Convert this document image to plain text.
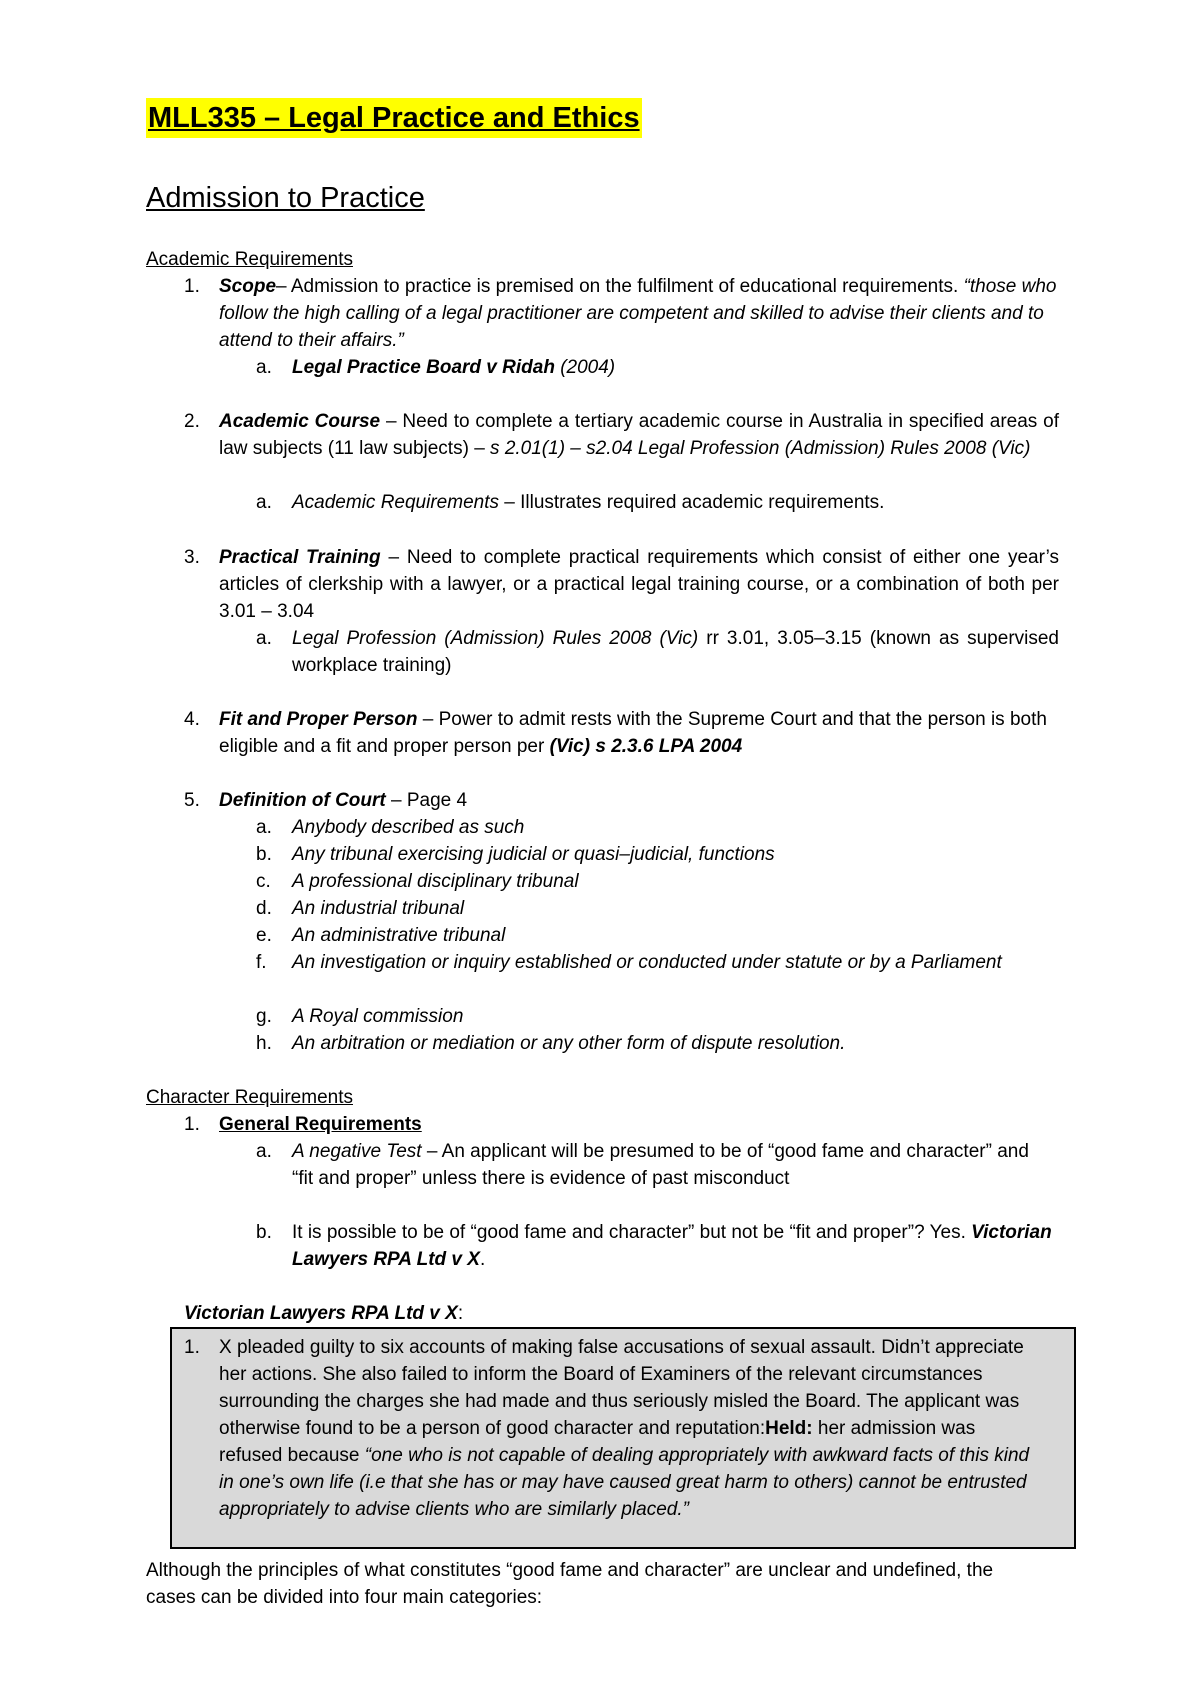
MLL335 – Legal Practice and Ethics
Admission to Practice
Academic Requirements
1. Scope– Admission to practice is premised on the fulfilment of educational requirements. “those who follow the high calling of a legal practitioner are competent and skilled to advise their clients and to attend to their affairs.”
a. Legal Practice Board v Ridah (2004)
2. Academic Course – Need to complete a tertiary academic course in Australia in specified areas of law subjects (11 law subjects) – s 2.01(1) – s2.04 Legal Profession (Admission) Rules 2008 (Vic)
a. Academic Requirements – Illustrates required academic requirements.
3. Practical Training – Need to complete practical requirements which consist of either one year’s articles of clerkship with a lawyer, or a practical legal training course, or a combination of both per 3.01 – 3.04
a. Legal Profession (Admission) Rules 2008 (Vic) rr 3.01, 3.05–3.15 (known as supervised workplace training)
4. Fit and Proper Person – Power to admit rests with the Supreme Court and that the person is both eligible and a fit and proper person per (Vic) s 2.3.6 LPA 2004
5. Definition of Court – Page 4
a. Anybody described as such
b. Any tribunal exercising judicial or quasi–judicial, functions
c. A professional disciplinary tribunal
d. An industrial tribunal
e. An administrative tribunal
f. An investigation or inquiry established or conducted under statute or by a Parliament
g. A Royal commission
h. An arbitration or mediation or any other form of dispute resolution.
Character Requirements
1. General Requirements
a. A negative Test – An applicant will be presumed to be of “good fame and character” and “fit and proper” unless there is evidence of past misconduct
b. It is possible to be of “good fame and character” but not be “fit and proper”? Yes. Victorian Lawyers RPA Ltd v X.
Victorian Lawyers RPA Ltd v X:
1. X pleaded guilty to six accounts of making false accusations of sexual assault. Didn’t appreciate her actions. She also failed to inform the Board of Examiners of the relevant circumstances surrounding the charges she had made and thus seriously misled the Board. The applicant was otherwise found to be a person of good character and reputation:Held: her admission was refused because “one who is not capable of dealing appropriately with awkward facts of this kind in one’s own life (i.e that she has or may have caused great harm to others) cannot be entrusted appropriately to advise clients who are similarly placed.”
Although the principles of what constitutes “good fame and character” are unclear and undefined, the cases can be divided into four main categories:
